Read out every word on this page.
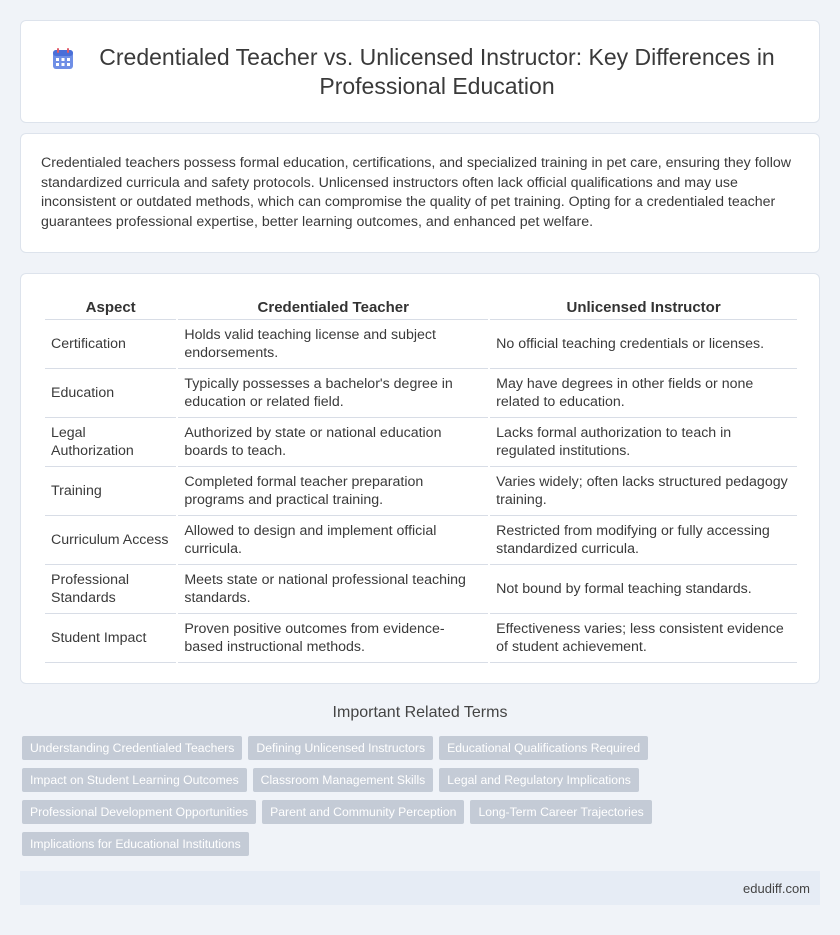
Credentialed Teacher vs. Unlicensed Instructor: Key Differences in Professional Education

Credentialed teachers possess formal education, certifications, and specialized training in pet care, ensuring they follow standardized curricula and safety protocols. Unlicensed instructors often lack official qualifications and may use inconsistent or outdated methods, which can compromise the quality of pet training. Opting for a credentialed teacher guarantees professional expertise, better learning outcomes, and enhanced pet welfare.

Aspect	Credentialed Teacher	Unlicensed Instructor
Certification	Holds valid teaching license and subject endorsements.	No official teaching credentials or licenses.
Education	Typically possesses a bachelor's degree in education or related field.	May have degrees in other fields or none related to education.
Legal Authorization	Authorized by state or national education boards to teach.	Lacks formal authorization to teach in regulated institutions.
Training	Completed formal teacher preparation programs and practical training.	Varies widely; often lacks structured pedagogy training.
Curriculum Access	Allowed to design and implement official curricula.	Restricted from modifying or fully accessing standardized curricula.
Professional Standards	Meets state or national professional teaching standards.	Not bound by formal teaching standards.
Student Impact	Proven positive outcomes from evidence-based instructional methods.	Effectiveness varies; less consistent evidence of student achievement.
Important Related Terms
Understanding Credentialed Teachers	Defining Unlicensed Instructors	Educational Qualifications Required
Impact on Student Learning Outcomes	Classroom Management Skills	Legal and Regulatory Implications
Professional Development Opportunities	Parent and Community Perception	Long-Term Career Trajectories
Implications for Educational Institutions
edudiff.com
